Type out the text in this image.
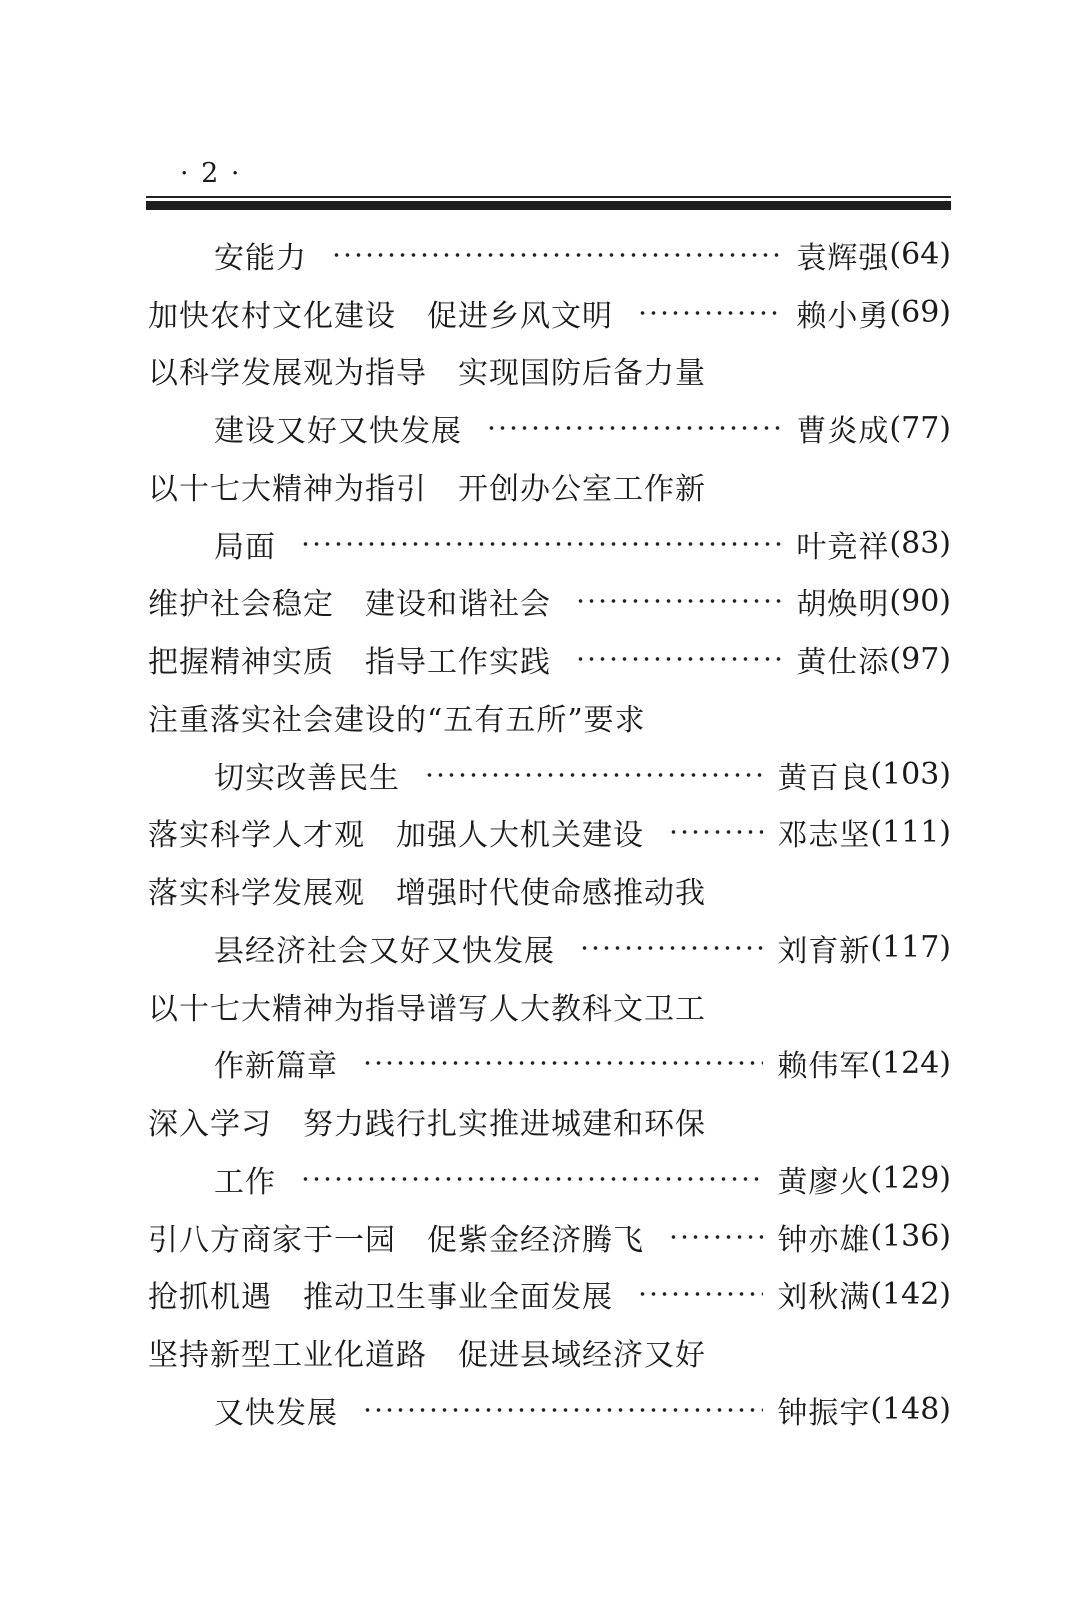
· 2 ·
安能力	袁辉强 (64)
加快农村文化建设　促进乡风文明	赖小勇 (69)
以科学发展观为指导　实现国防后备力量
建设又好又快发展	曹炎成 (77)
以十七大精神为指引　开创办公室工作新
局面	叶竞祥 (83)
维护社会稳定　建设和谐社会	胡焕明 (90)
把握精神实质　指导工作实践	黄仕添 (97)
注重落实社会建设的“五有五所”要求
切实改善民生	黄百良 (103)
落实科学人才观　加强人大机关建设	邓志坚 (111)
落实科学发展观　增强时代使命感推动我
县经济社会又好又快发展	刘育新 (117)
以十七大精神为指导谱写人大教科文卫工
作新篇章	赖伟军 (124)
深入学习　努力践行扎实推进城建和环保
工作	黄廖火 (129)
引八方商家于一园　促紫金经济腾飞	钟亦雄 (136)
抢抓机遇　推动卫生事业全面发展	刘秋满 (142)
坚持新型工业化道路　促进县域经济又好
又快发展	钟振宇 (148)
